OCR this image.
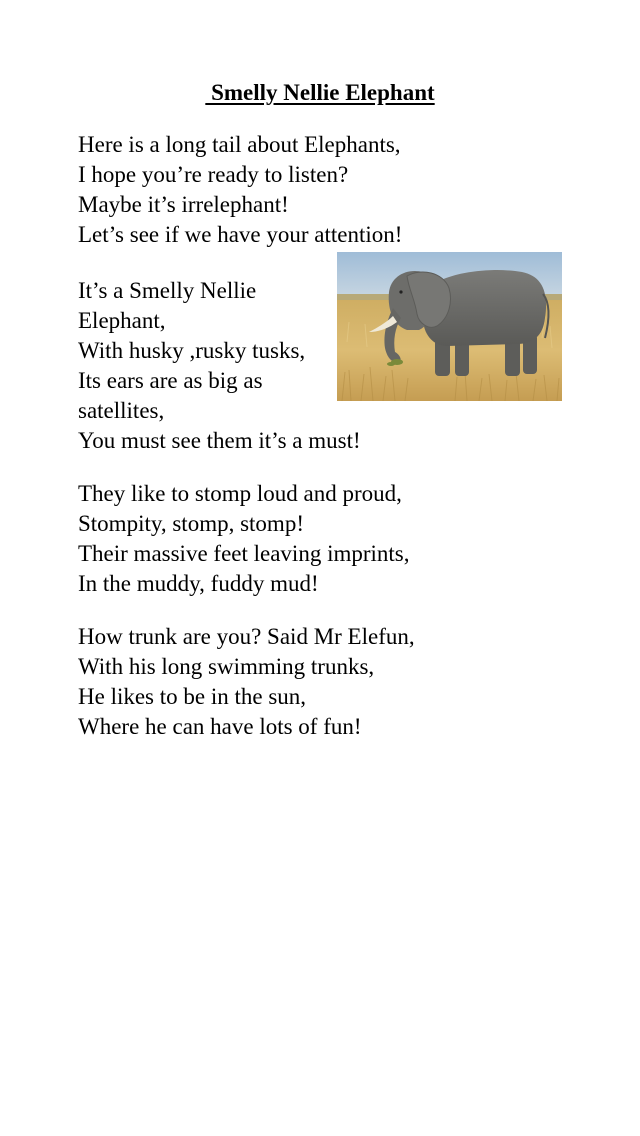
Smelly Nellie Elephant
Here is a long tail about Elephants,
I hope you’re ready to listen?
Maybe it’s irrelephant!
Let’s see if we have your attention!
It’s a Smelly Nellie
Elephant,
With husky ,rusky tusks,
Its ears are as big as
satellites,
You must see them it’s a must!
They like to stomp loud and proud,
Stompity, stomp, stomp!
Their massive feet leaving imprints,
In the muddy, fuddy mud!
How trunk are you? Said Mr Elefun,
With his long swimming trunks,
He likes to be in the sun,
Where he can have lots of fun!
